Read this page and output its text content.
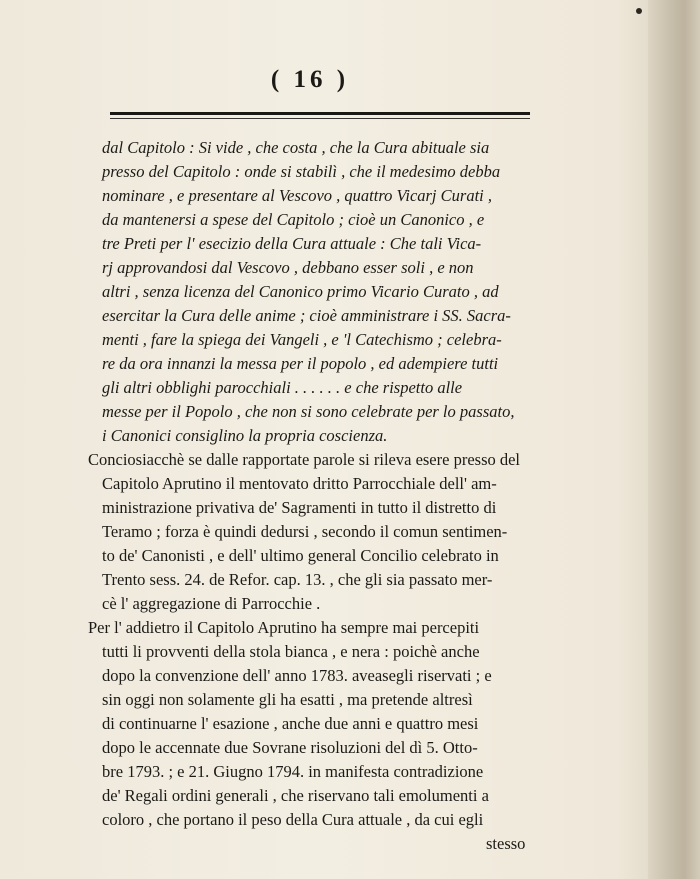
( 16 )
dal Capitolo : Si vide , che costa , che la Cura abituale sia
presso del Capitolo : onde si stabilì , che il medesimo debba
nominare , e presentare al Vescovo , quattro Vicarj Curati ,
da mantenersi a spese del Capitolo ; cioè un Canonico , e
tre Preti per l' esecizio della Cura attuale : Che tali Vica-
rj approvandosi dal Vescovo , debbano esser soli , e non
altri , senza licenza del Canonico primo Vicario Curato , ad
esercitar la Cura delle anime ; cioè amministrare i SS. Sacra-
menti , fare la spiega dei Vangeli , e 'l Catechismo ; celebra-
re da ora innanzi la messa per il popolo , ed adempiere tutti
gli altri obblighi parocchiali . . . . . . e che rispetto alle
messe per il Popolo , che non si sono celebrate per lo passato,
i Canonici consiglino la propria coscienza.
Conciosiacchè se dalle rapportate parole si rileva esere presso del
Capitolo Aprutino il mentovato dritto Parrocchiale dell' am-
ministrazione privativa de' Sagramenti in tutto il distretto di
Teramo ; forza è quindi dedursi , secondo il comun sentimen-
to de' Canonisti , e dell' ultimo general Concilio celebrato in
Trento sess. 24. de Refor. cap. 13. , che gli sia passato mer-
cè l' aggregazione di Parrocchie .
Per l' addietro il Capitolo Aprutino ha sempre mai percepiti
tutti li provventi della stola bianca , e nera : poichè anche
dopo la convenzione dell' anno 1783. aveasegli riservati ; e
sin oggi non solamente gli ha esatti , ma pretende altresì
di continuarne l' esazione , anche due anni e quattro mesi
dopo le accennate due Sovrane risoluzioni del dì 5. Otto-
bre 1793. ; e 21. Giugno 1794. in manifesta contradizione
de' Regali ordini generali , che riservano tali emolumenti a
coloro , che portano il peso della Cura attuale , da cui egli
stesso
